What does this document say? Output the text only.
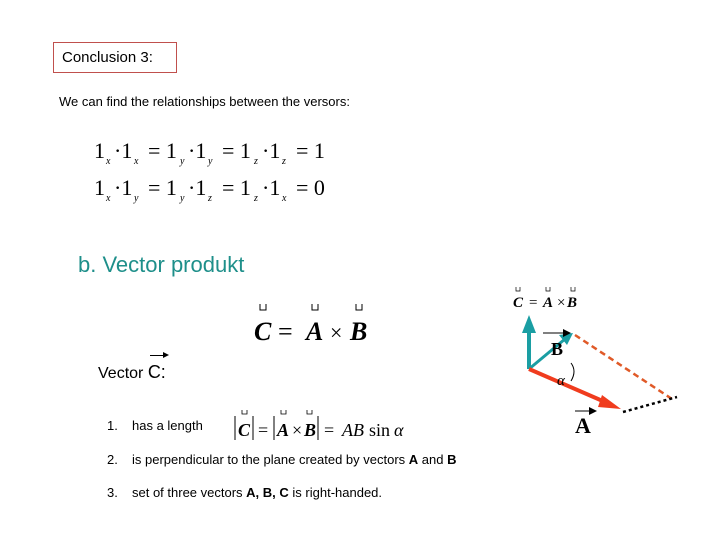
Conclusion 3:
We can find the relationships between the versors:
1 x ·1 x = 1 y ·1 y = 1 z ·1 z = 1
1 x ·1 y = 1 y ·1 z = 1 z ·1 x = 0
b. Vector produkt
C = A × B
Vector C:
1. has a length C = A × B = AB sin α
2. is perpendicular to the plane created by vectors A and B
3. set of three vectors A, B, C is right-handed.
C = A × B
α
B
A
